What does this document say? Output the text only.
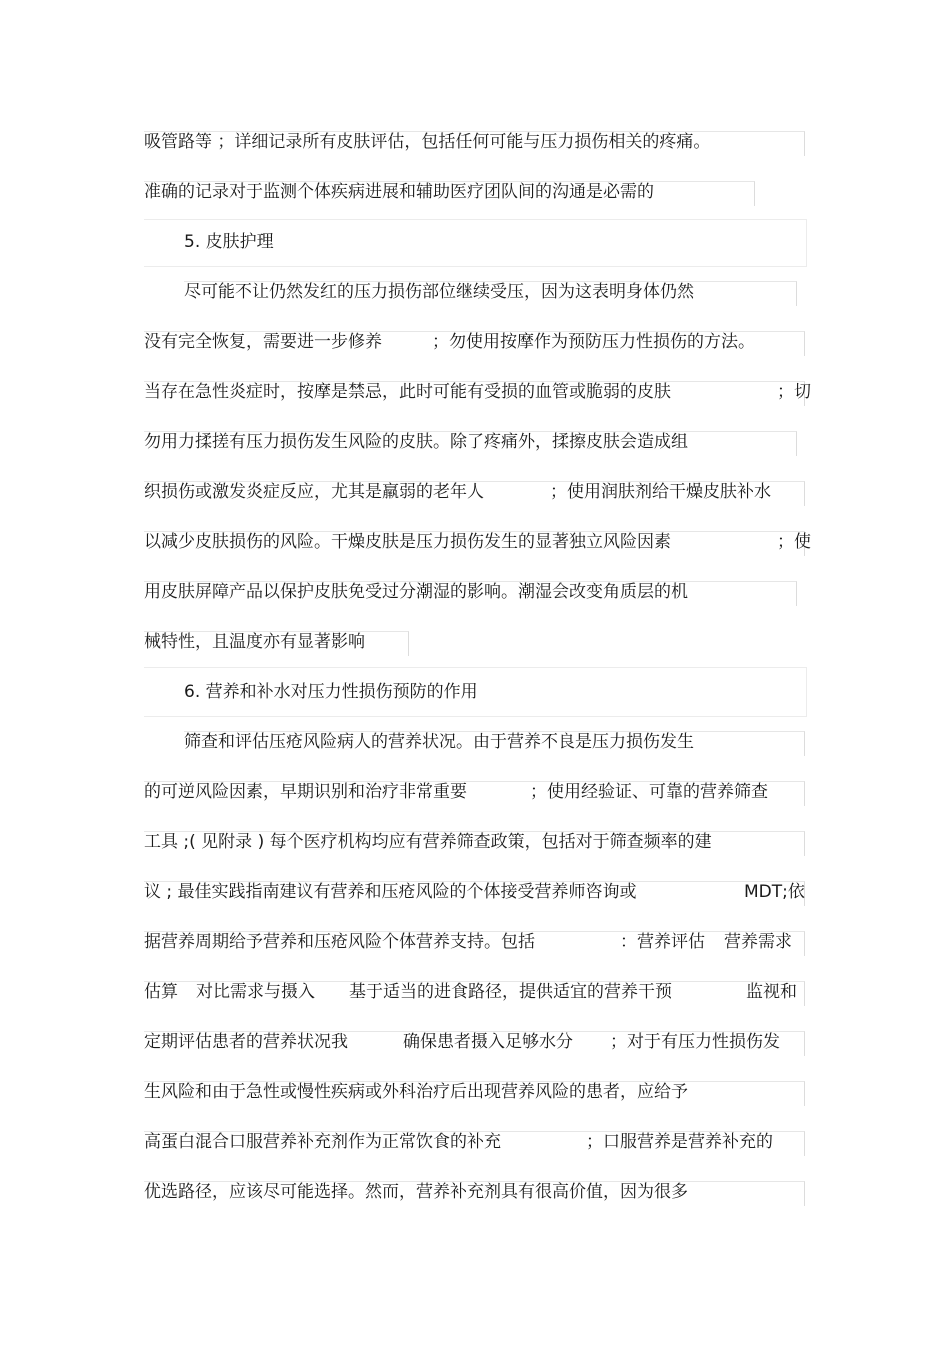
吸管路等 ；详细记录所有皮肤评估，包括任何可能与压力损伤相关的疼痛。
准确的记录对于监测个体疾病进展和辅助医疗团队间的沟通是必需的
5. 皮肤护理
尽可能不让仍然发红的压力损伤部位继续受压，因为这表明身体仍然
没有完全恢复，需要进一步修养	；勿使用按摩作为预防压力性损伤的方法。
当存在急性炎症时，按摩是禁忌，此时可能有受损的血管或脆弱的皮肤	；切
勿用力揉搓有压力损伤发生风险的皮肤。除了疼痛外，揉擦皮肤会造成组
织损伤或激发炎症反应，尤其是羸弱的老年人	；使用润肤剂给干燥皮肤补水
以减少皮肤损伤的风险。干燥皮肤是压力损伤发生的显著独立风险因素	；使
用皮肤屏障产品以保护皮肤免受过分潮湿的影响。潮湿会改变角质层的机
械特性，且温度亦有显著影响
6. 营养和补水对压力性损伤预防的作用
筛查和评估压疮风险病人的营养状况。由于营养不良是压力损伤发生
的可逆风险因素，早期识别和治疗非常重要	；使用经验证、可靠的营养筛查
工具 ;( 见附录 ) 每个医疗机构均应有营养筛查政策，包括对于筛查频率的建
议 ; 最佳实践指南建议有营养和压疮风险的个体接受营养师咨询或	MDT;依
据营养周期给予营养和压疮风险个体营养支持。包括	：营养评估 营养需求
估算 对比需求与摄入 基于适当的进食路径，提供适宜的营养干预	监视和
定期评估患者的营养状况我	确保患者摄入足够水分 ；对于有压力性损伤发
生风险和由于急性或慢性疾病或外科治疗后出现营养风险的患者，应给予
高蛋白混合口服营养补充剂作为正常饮食的补充	；口服营养是营养补充的
优选路径，应该尽可能选择。然而，营养补充剂具有很高价值，因为很多
